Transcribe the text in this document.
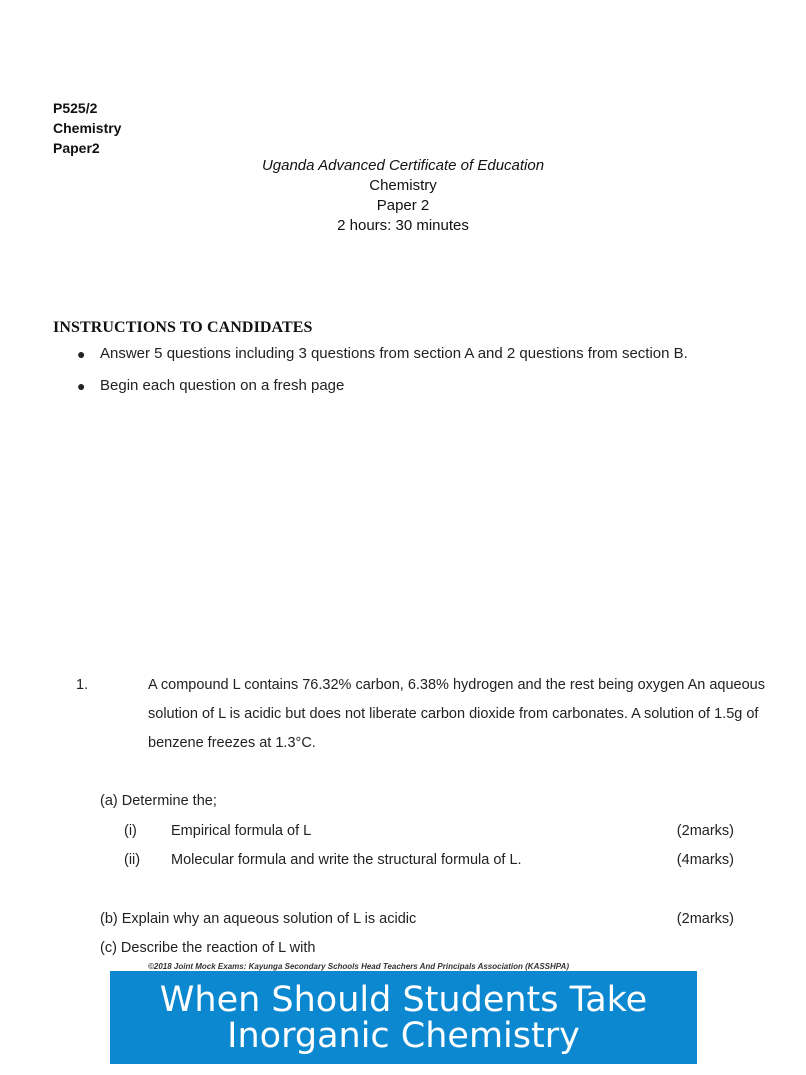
P525/2
Chemistry
Paper2
Uganda Advanced Certificate of Education
Chemistry
Paper 2
2 hours: 30 minutes
INSTRUCTIONS TO CANDIDATES
● Answer 5 questions including 3 questions from section A and 2 questions from section B.
● Begin each question on a fresh page
1.	A compound L contains 76.32% carbon, 6.38% hydrogen and the rest being oxygen An aqueous solution of L is acidic but does not liberate carbon dioxide from carbonates. A solution of 1.5g of benzene freezes at 1.3°C.
(a) Determine the;
(i) Empirical formula of L	(2marks)
(ii) Molecular formula and write the structural formula of L.	(4marks)
(b) Explain why an aqueous solution of L is acidic	(2marks)
(c) Describe the reaction of L with
©2018 Joint Mock Exams: Kayunga Secondary Schools Head Teachers And Principals Association (KASSHPA)
When Should Students Take
Inorganic Chemistry
